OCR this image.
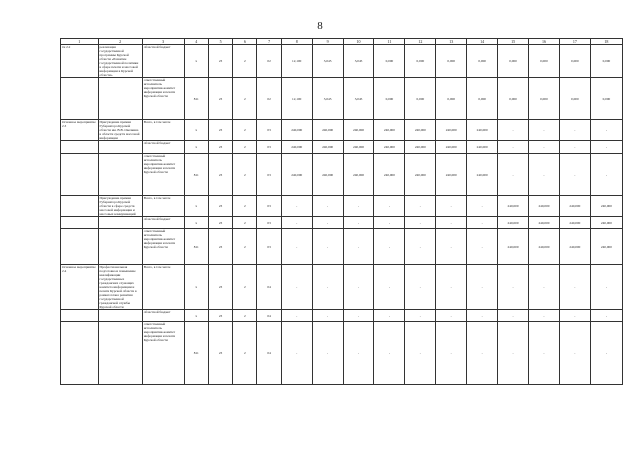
8
1	2	3	4	5	6	7	8	9	10	11	12	13	14	15	16	17	18
ти 2.2	реализация государственной программы Курской области «Развитие государственной политики в сфере печати и массовой информации в Курской области»	областной бюджет	х	23	2	02	12,100	3,045	3,045	0,000	0,000	0,000	0,000	0,000	0,000	0,000	0,000
		ответственный исполнитель мероприятия-комитет информации и печати Курской области	811	23	2	02	12,100	3,045	3,045	0,000	0,000	0,000	0,000	0,000	0,000	0,000	0,000
Основное мероприятие 2.3	Присуждение премии Губернатора Курской области им. В.В. Овечкина в области средств массовой информации	Всего, в том числе	х	23	2	03	240,000	240,000	240,000	240,000	240,000	240,000	240,000	-	-	-	-
		областной бюджет	х	23	2	03	240,000	240,000	240,000	240,000	240,000	240,000	240,000	-	-	-	-
		ответственный исполнитель мероприятия-комитет информации и печати Курской области	811	23	2	03	240,000	240,000	240,000	240,000	240,000	240,000	240,000	-	-	-	-
	Присуждение премии Губернатора Курской области в сфере средств массовой информации и массовых коммуникаций	Всего, в том числе	х	23	2	03	-	-	-	-	-	-	-	240,000	240,000	240,000	240,000
		областной бюджет	х	23	2	03	-	-	-	-	-	-	-	240,000	240,000	240,000	240,000
		ответственный исполнитель мероприятия-комитет информации и печати Курской области	811	23	2	03	-	-	-	-	-	-	-	240,000	240,000	240,000	240,000
Основное мероприятие 2.4	Профессиональная подготовка и повышение квалификации государственных гражданских служащих комитета информации и печати Курской области в рамках плана развития государственной гражданской службы Курской области	Всего, в том числе	х	23	2	04	-	-	-	-	-	-	-	-	-	-	-
		областной бюджет	х	23	2	04	-	-	-	-	-	-	-	-	-	-	-
		ответственный исполнитель мероприятия-комитет информации и печати Курской области	811	23	2	04	-	-	-	-	-	-	-	-	-	-	-
